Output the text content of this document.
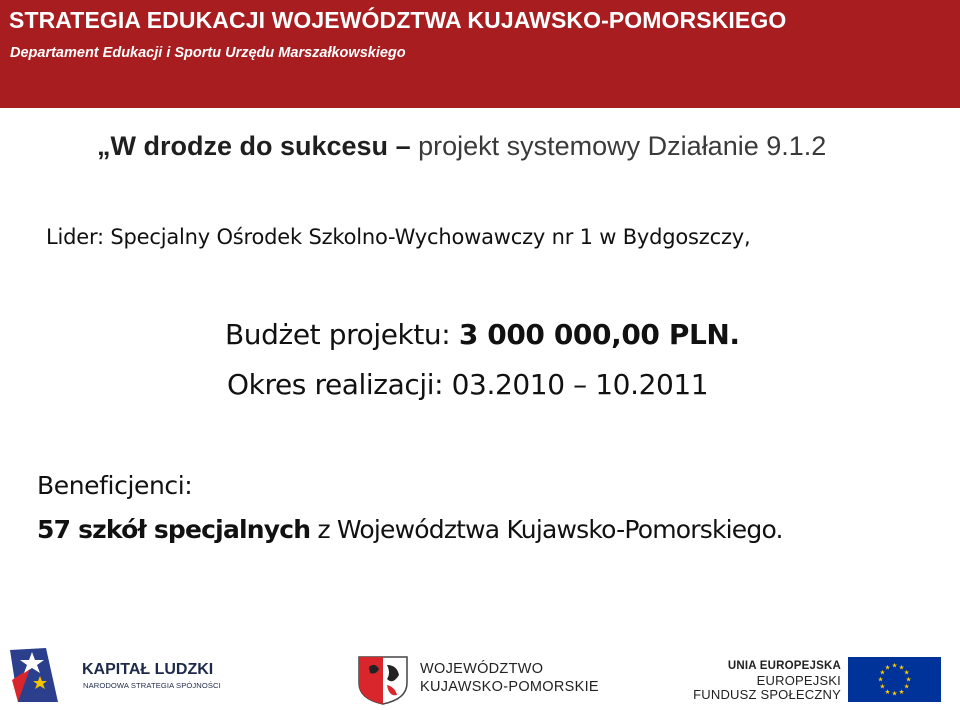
STRATEGIA EDUKACJI WOJEWÓDZTWA KUJAWSKO-POMORSKIEGO
Departament Edukacji i Sportu Urzędu Marszałkowskiego
„W drodze do sukcesu – projekt systemowy Działanie 9.1.2
Lider: Specjalny Ośrodek Szkolno-Wychowawczy nr 1 w Bydgoszczy,
Budżet projektu: 3 000 000,00 PLN.
Okres realizacji: 03.2010 – 10.2011
Beneficjenci:
57 szkół specjalnych z Województwa Kujawsko-Pomorskiego.
KAPITAŁ LUDZKI
NARODOWA STRATEGIA SPÓJNOŚCI
WOJEWÓDZTWO
KUJAWSKO-POMORSKIE
UNIA EUROPEJSKA
EUROPEJSKI
FUNDUSZ SPOŁECZNY
★ ★
★
★
★
★
★
★
★
★
★
★
